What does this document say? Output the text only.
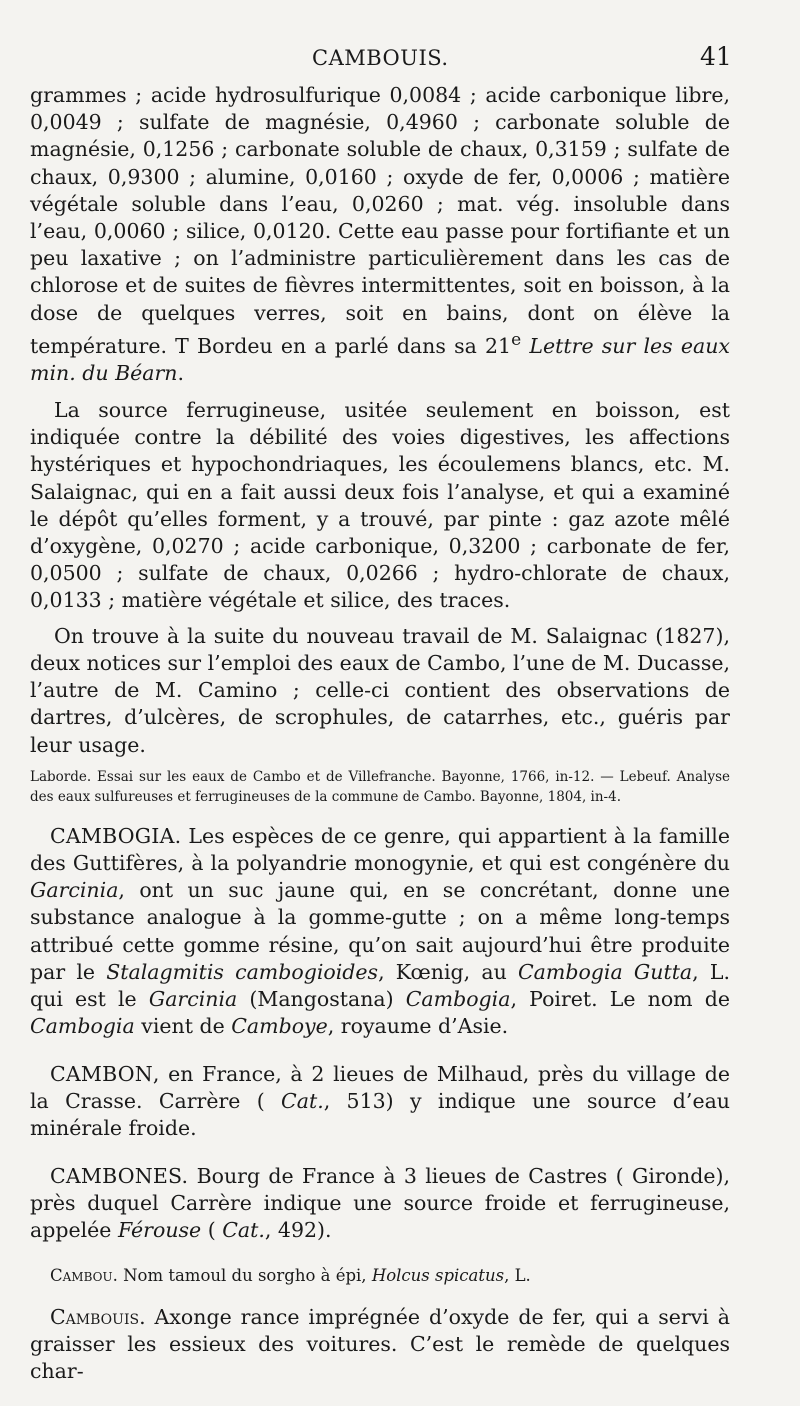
CAMBOUIS.	41

grammes ; acide hydrosulfurique 0,0084 ; acide carbonique libre, 0,0049 ; sulfate de magnésie, 0,4960 ; carbonate soluble de magnésie, 0,1256 ; carbonate soluble de chaux, 0,3159 ; sulfate de chaux, 0,9300 ; alumine, 0,0160 ; oxyde de fer, 0,0006 ; matière végétale soluble dans l’eau, 0,0260 ; mat. vég. insoluble dans l’eau, 0,0060 ; silice, 0,0120. Cette eau passe pour fortifiante et un peu laxative ; on l’administre particulièrement dans les cas de chlorose et de suites de fièvres intermittentes, soit en boisson, à la dose de quelques verres, soit en bains, dont on élève la température. T Bordeu en a parlé dans sa 21e Lettre sur les eaux min. du Béarn.

La source ferrugineuse, usitée seulement en boisson, est indiquée contre la débilité des voies digestives, les affections hystériques et hypochondriaques, les écoulemens blancs, etc. M. Salaignac, qui en a fait aussi deux fois l’analyse, et qui a examiné le dépôt qu’elles forment, y a trouvé, par pinte : gaz azote mêlé d’oxygène, 0,0270 ; acide carbonique, 0,3200 ; carbonate de fer, 0,0500 ; sulfate de chaux, 0,0266 ; hydro-chlorate de chaux, 0,0133 ; matière végétale et silice, des traces.

On trouve à la suite du nouveau travail de M. Salaignac (1827), deux notices sur l’emploi des eaux de Cambo, l’une de M. Ducasse, l’autre de M. Camino ; celle-ci contient des observations de dartres, d’ulcères, de scrophules, de catarrhes, etc., guéris par leur usage.

Laborde. Essai sur les eaux de Cambo et de Villefranche. Bayonne, 1766, in-12. — Lebeuf. Analyse des eaux sulfureuses et ferrugineuses de la commune de Cambo. Bayonne, 1804, in-4.

CAMBOGIA. Les espèces de ce genre, qui appartient à la famille des Guttifères, à la polyandrie monogynie, et qui est congénère du Garcinia, ont un suc jaune qui, en se concrétant, donne une substance analogue à la gomme-gutte ; on a même long-temps attribué cette gomme résine, qu’on sait aujourd’hui être produite par le Stalagmitis cambogioides, Kœnig, au Cambogia Gutta, L. qui est le Garcinia (Mangostana) Cambogia, Poiret. Le nom de Cambogia vient de Camboye, royaume d’Asie.

CAMBON, en France, à 2 lieues de Milhaud, près du village de la Crasse. Carrère ( Cat., 513) y indique une source d’eau minérale froide.

CAMBONES. Bourg de France à 3 lieues de Castres ( Gironde), près duquel Carrère indique une source froide et ferrugineuse, appelée Férouse ( Cat., 492).

Cambou. Nom tamoul du sorgho à épi, Holcus spicatus, L.

Cambouis. Axonge rance imprégnée d’oxyde de fer, qui a servi à graisser les essieux des voitures. C’est le remède de quelques char-
